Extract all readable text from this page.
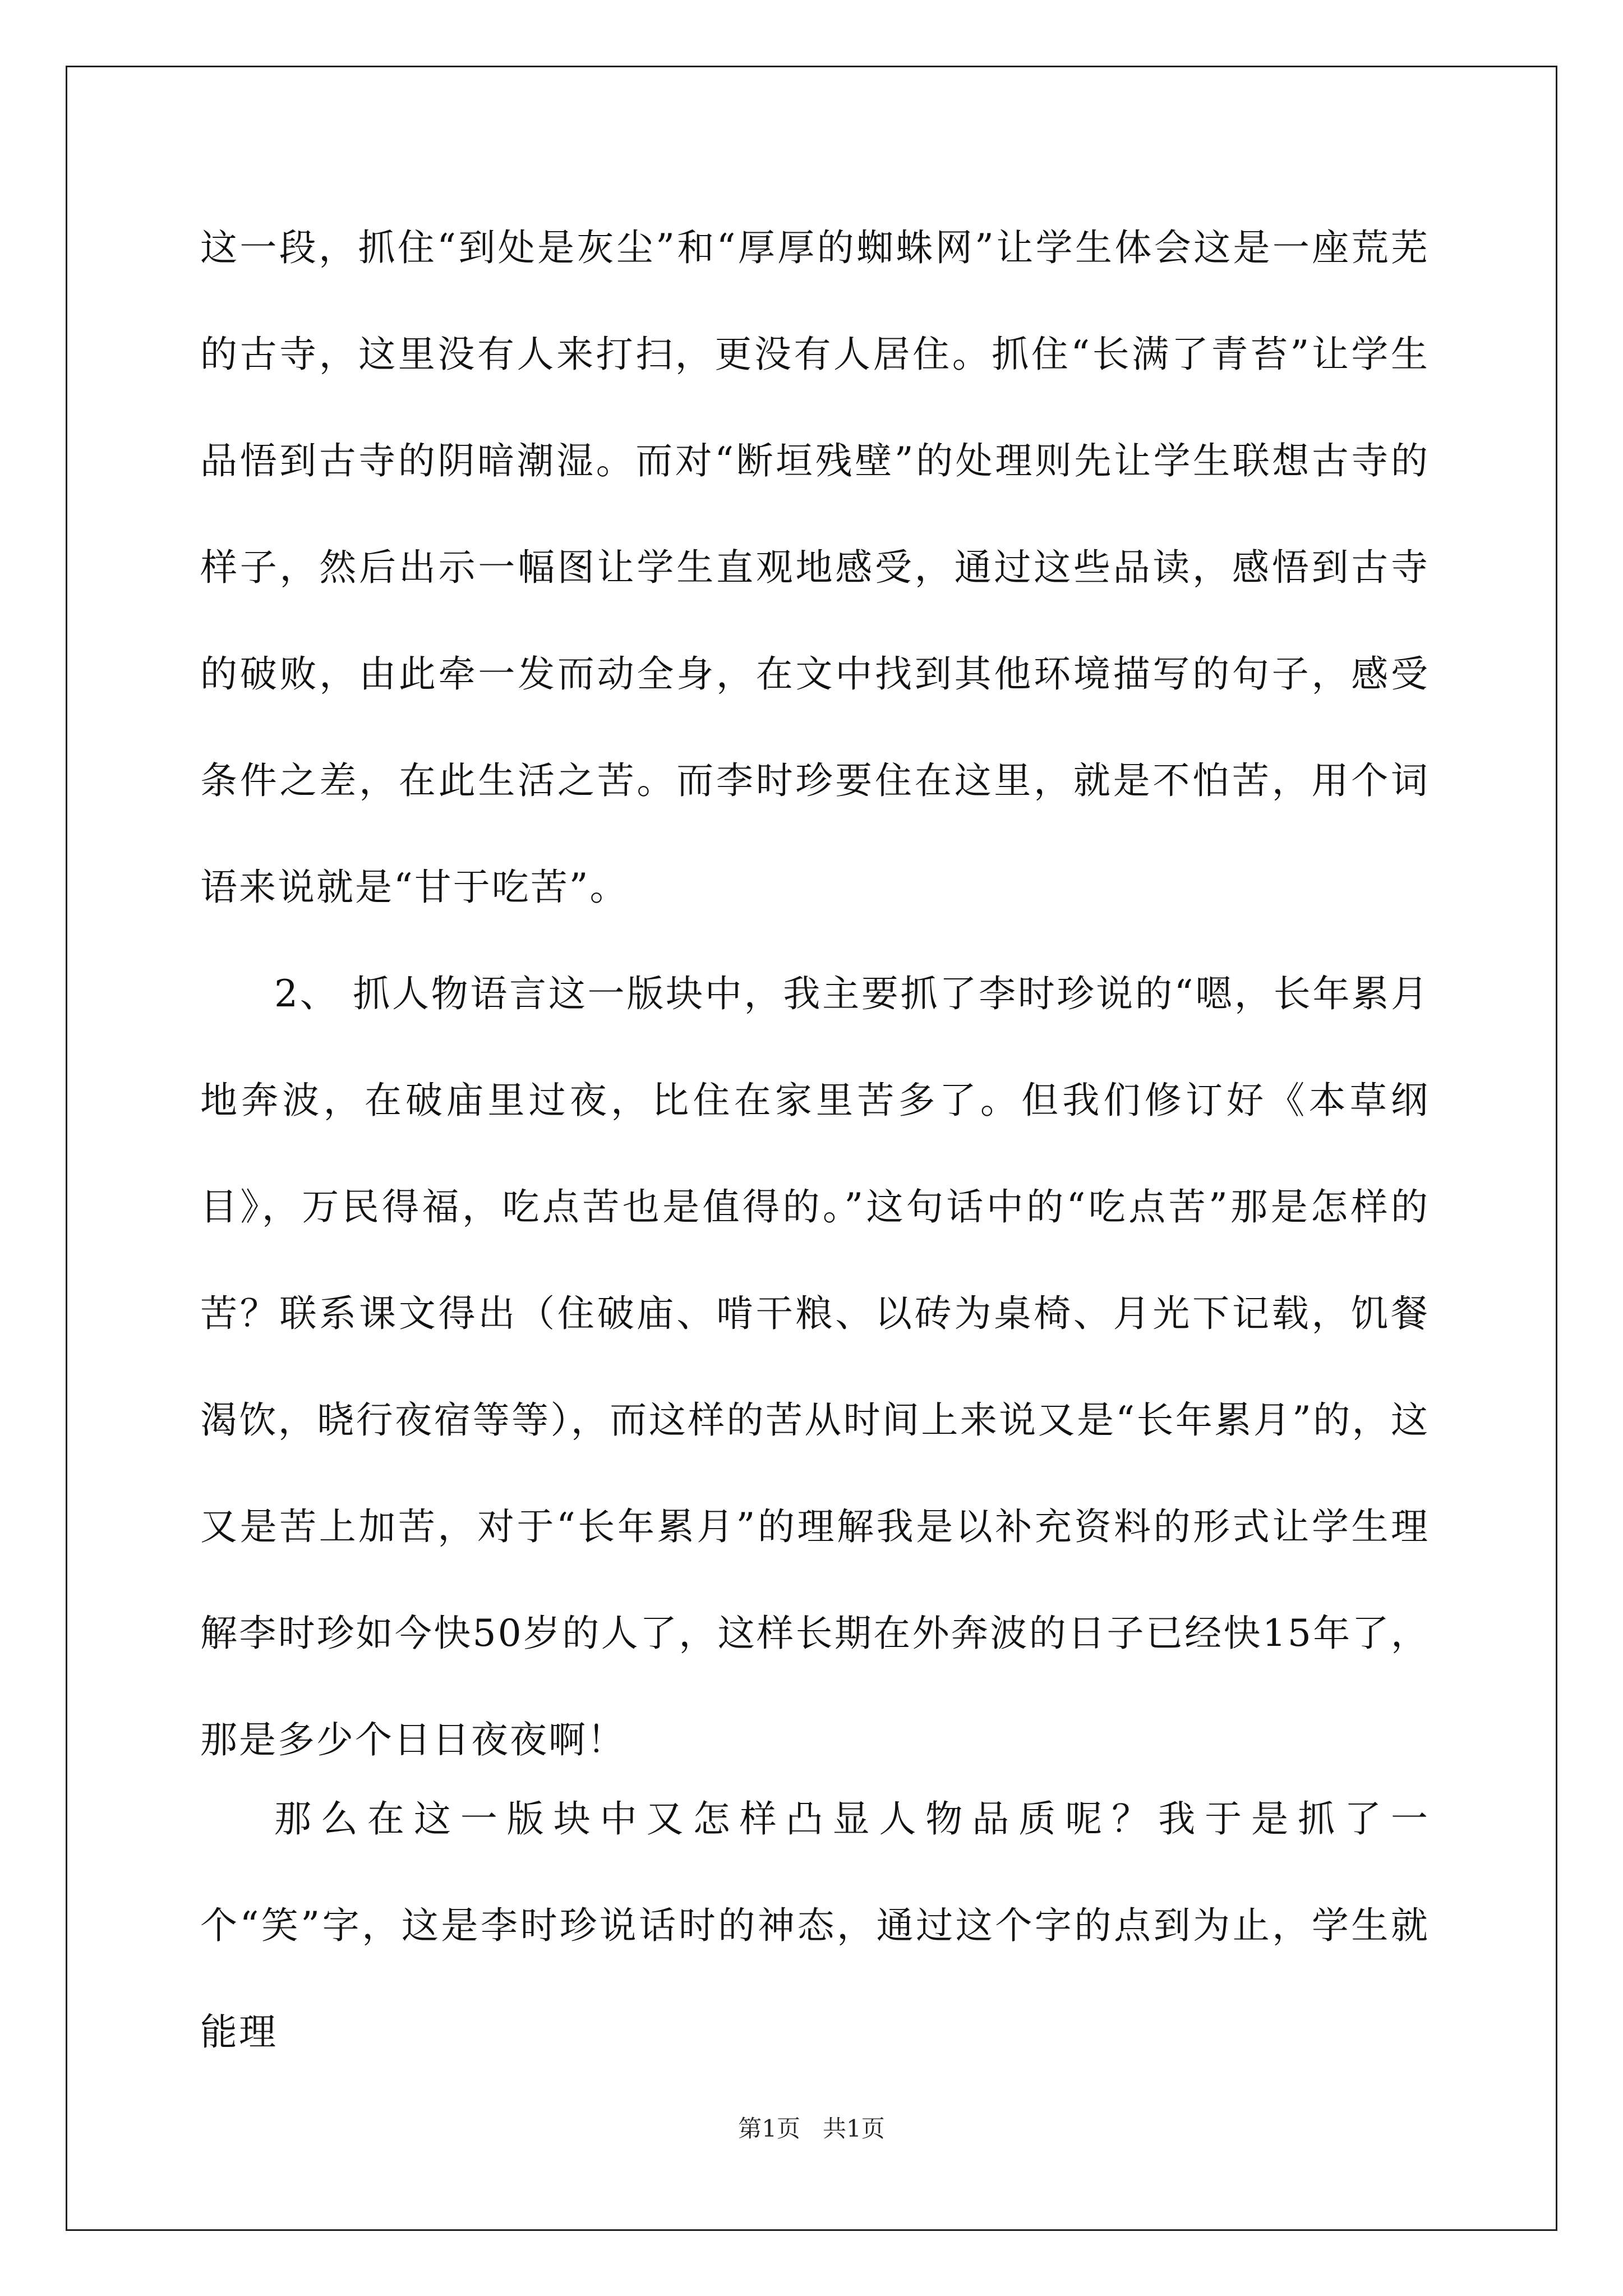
这一段，抓住“到处是灰尘”和“厚厚的蜘蛛网”让学生体会这是一座荒芜的古寺，这里没有人来打扫，更没有人居住。抓住“长满了青苔”让学生品悟到古寺的阴暗潮湿。而对“断垣残壁”的处理则先让学生联想古寺的样子，然后出示一幅图让学生直观地感受，通过这些品读，感悟到古寺的破败，由此牵一发而动全身，在文中找到其他环境描写的句子，感受条件之差，在此生活之苦。而李时珍要住在这里，就是不怕苦，用个词语来说就是“甘于吃苦”。

2、 抓人物语言这一版块中，我主要抓了李时珍说的“嗯，长年累月地奔波，在破庙里过夜，比住在家里苦多了。但我们修订好《本草纲目》，万民得福，吃点苦也是值得的。”这句话中的“吃点苦”那是怎样的苦？联系课文得出（住破庙、啃干粮、以砖为桌椅、月光下记载，饥餐渴饮，晓行夜宿等等），而这样的苦从时间上来说又是“长年累月”的，这又是苦上加苦，对于“长年累月”的理解我是以补充资料的形式让学生理解李时珍如今快50岁的人了，这样长期在外奔波的日子已经快15年了，那是多少个日日夜夜啊！

那么在这一版块中又怎样凸显人物品质呢？我于是抓了一个“笑”字，这是李时珍说话时的神态，通过这个字的点到为止，学生就能理

第1页   共1页
